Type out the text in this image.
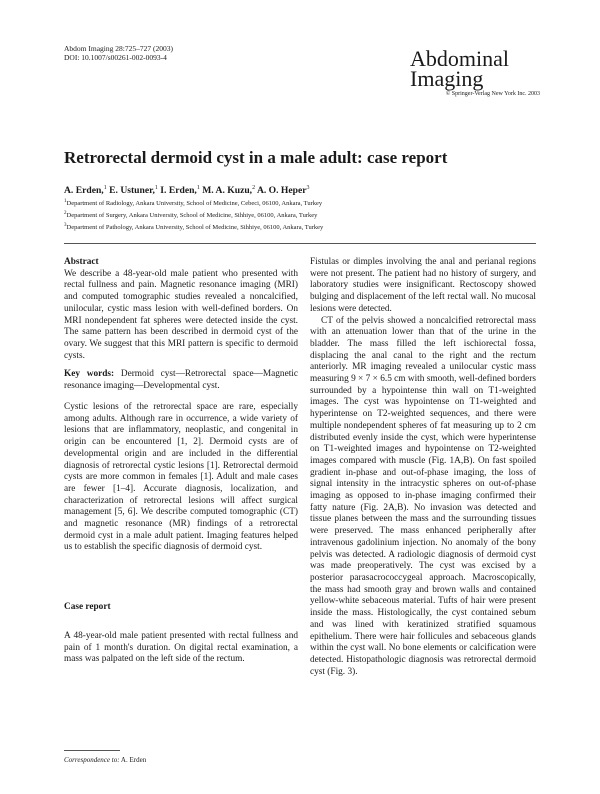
Abdom Imaging 28:725–727 (2003)
DOI: 10.1007/s00261-002-0093-4	Abdominal
Imaging
© Springer-Verlag New York Inc. 2003
Retrorectal dermoid cyst in a male adult: case report
A. Erden,$^1$ E. Ustuner,$^1$ I. Erden,$^1$ M. A. Kuzu,$^2$ A. O. Heper$^3$
$^1$Department of Radiology, Ankara University, School of Medicine, Cebeci, 06100, Ankara, Turkey
$^2$Department of Surgery, Ankara University, School of Medicine, Sihhiye, 06100, Ankara, Turkey
$^3$Department of Pathology, Ankara University, School of Medicine, Sihhiye, 06100, Ankara, Turkey
Abstract

We describe a 48-year-old male patient who presented with rectal fullness and pain. Magnetic resonance imaging (MRI) and computed tomographic studies revealed a noncalcified, unilocular, cystic mass lesion with well-defined borders. On MRI nondependent fat spheres were detected inside the cyst. The same pattern has been described in dermoid cyst of the ovary. We suggest that this MRI pattern is specific to dermoid cysts.

Key words: Dermoid cyst—Retrorectal space—Magnetic resonance imaging—Developmental cyst.

Cystic lesions of the retrorectal space are rare, especially among adults. Although rare in occurrence, a wide variety of lesions that are inflammatory, neoplastic, and congenital in origin can be encountered [1, 2]. Dermoid cysts are of developmental origin and are included in the differential diagnosis of retrorectal cystic lesions [1]. Retrorectal dermoid cysts are more common in females [1]. Adult and male cases are fewer [1–4]. Accurate diagnosis, localization, and characterization of retrorectal lesions will affect surgical management [5, 6]. We describe computed tomographic (CT) and magnetic resonance (MR) findings of a retrorectal dermoid cyst in a male adult patient. Imaging features helped us to establish the specific diagnosis of dermoid cyst.

Case report

A 48-year-old male patient presented with rectal fullness and pain of 1 month's duration. On digital rectal examination, a mass was palpated on the left side of the rectum.

Fistulas or dimples involving the anal and perianal regions were not present. The patient had no history of surgery, and laboratory studies were insignificant. Rectoscopy showed bulging and displacement of the left rectal wall. No mucosal lesions were detected.

CT of the pelvis showed a noncalcified retrorectal mass with an attenuation lower than that of the urine in the bladder. The mass filled the left ischiorectal fossa, displacing the anal canal to the right and the rectum anteriorly. MR imaging revealed a unilocular cystic mass measuring 9 × 7 × 6.5 cm with smooth, well-defined borders surrounded by a hypointense thin wall on T1-weighted images. The cyst was hypointense on T1-weighted and hyperintense on T2-weighted sequences, and there were multiple nondependent spheres of fat measuring up to 2 cm distributed evenly inside the cyst, which were hyperintense on T1-weighted images and hypointense on T2-weighted images compared with muscle (Fig. 1A,B). On fast spoiled gradient in-phase and out-of-phase imaging, the loss of signal intensity in the intracystic spheres on out-of-phase imaging as opposed to in-phase imaging confirmed their fatty nature (Fig. 2A,B). No invasion was detected and tissue planes between the mass and the surrounding tissues were preserved. The mass enhanced peripherally after intravenous gadolinium injection. No anomaly of the bony pelvis was detected. A radiologic diagnosis of dermoid cyst was made preoperatively. The cyst was excised by a posterior parasacrococcygeal approach. Macroscopically, the mass had smooth gray and brown walls and contained yellow-white sebaceous material. Tufts of hair were present inside the mass. Histologically, the cyst contained sebum and was lined with keratinized stratified squamous epithelium. There were hair follicules and sebaceous glands within the cyst wall. No bone elements or calcification were detected. Histopathologic diagnosis was retrorectal dermoid cyst (Fig. 3).

Correspondence to: A. Erden
